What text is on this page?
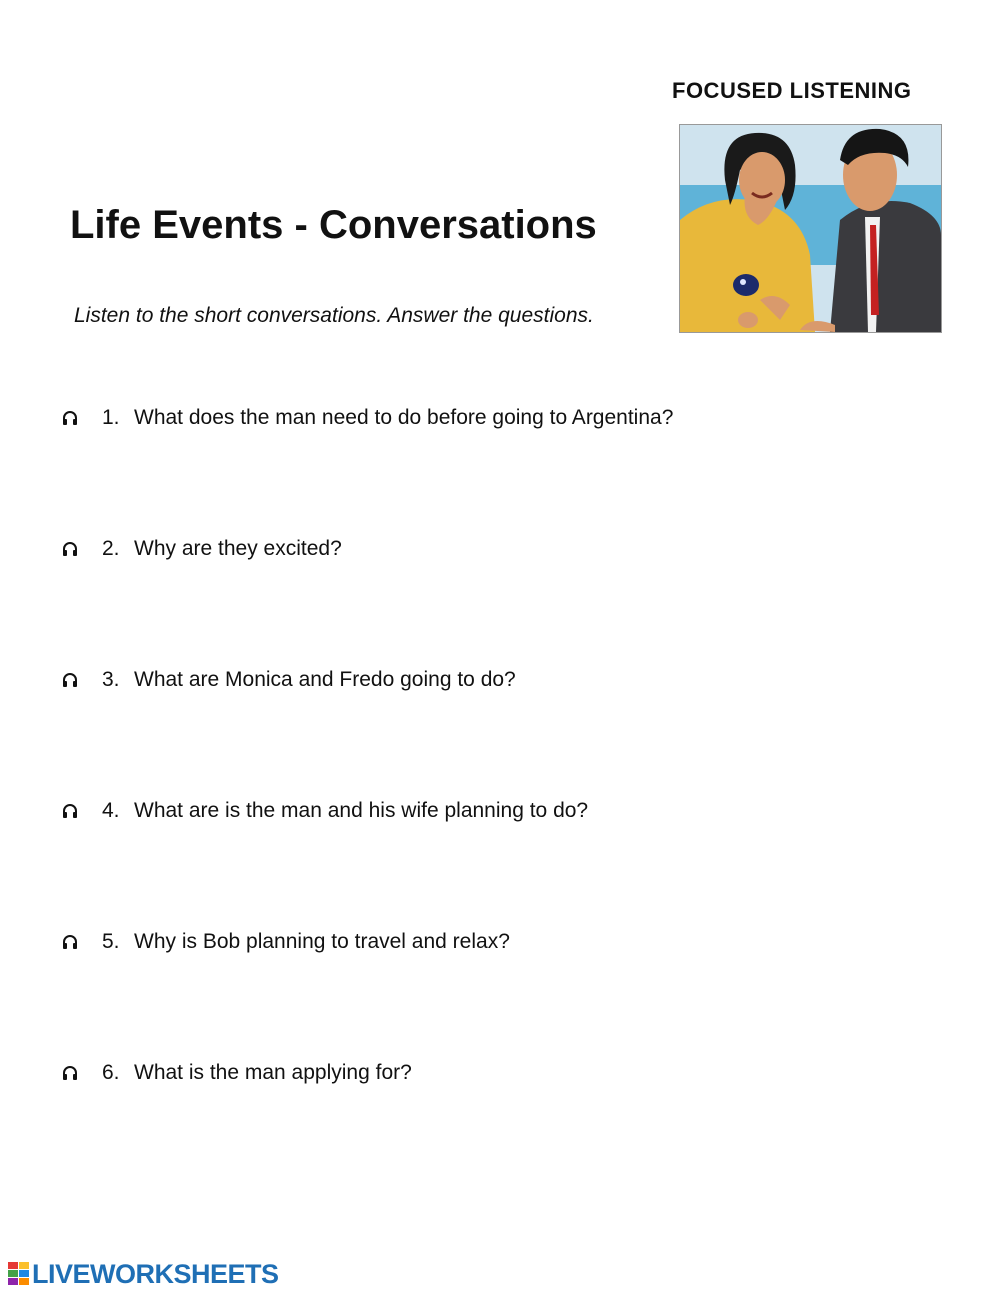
FOCUSED LISTENING
Life Events - Conversations
Listen to the short conversations. Answer the questions.
1. What does the man need to do before going to Argentina?
2. Why are they excited?
3. What are Monica and Fredo going to do?
4. What are is the man and his wife planning to do?
5. Why is Bob planning to travel and relax?
6. What is the man applying for?
LIVEWORKSHEETS
